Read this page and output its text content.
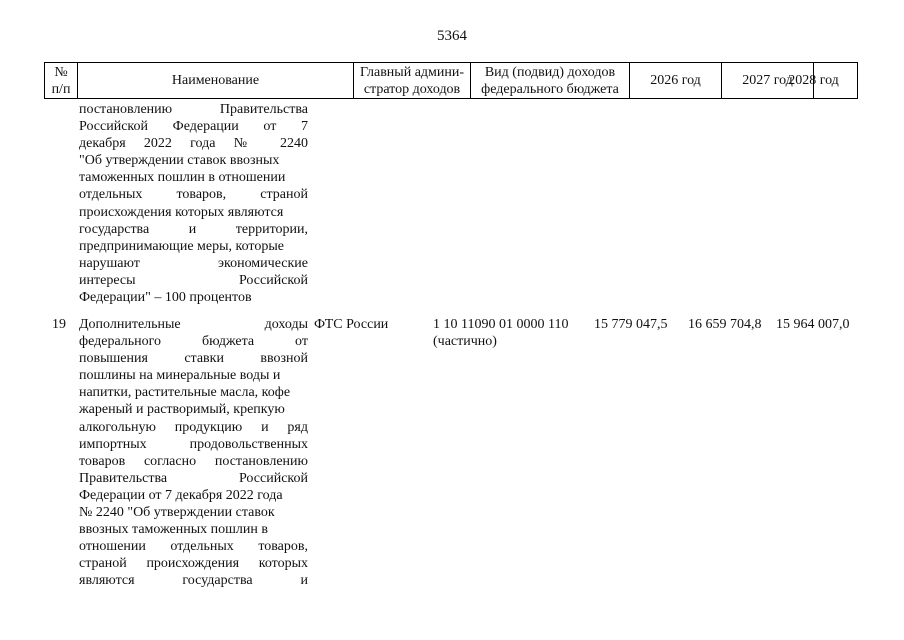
5364
№ п/п
Наименование
Главный админи-стратор доходов
Вид (подвид) доходов федерального бюджета
2026 год	2027 год
2028 год
постановлению Правительства
Российской Федерации от 7
декабря 2022 года № 2240
"Об утверждении ставок ввозных
таможенных пошлин в отношении
отдельных товаров, страной
происхождения которых являются
государства и территории,
предпринимающие меры, которые
нарушают экономические
интересы Российской
Федерации" – 100 процентов
19 Дополнительные доходы
федерального бюджета от
повышения ставки ввозной
пошлины на минеральные воды и
напитки, растительные масла, кофе
жареный и растворимый, крепкую
алкогольную продукцию и ряд
импортных продовольственных
товаров согласно постановлению
Правительства Российской
Федерации от 7 декабря 2022 года
№ 2240 "Об утверждении ставок
ввозных таможенных пошлин в
отношении отдельных товаров,
страной происхождения которых
являются государства и
ФТС России	1 10 11090 01 0000 110
(частично)
15 779 047,5 16 659 704,8 15 964 007,0
